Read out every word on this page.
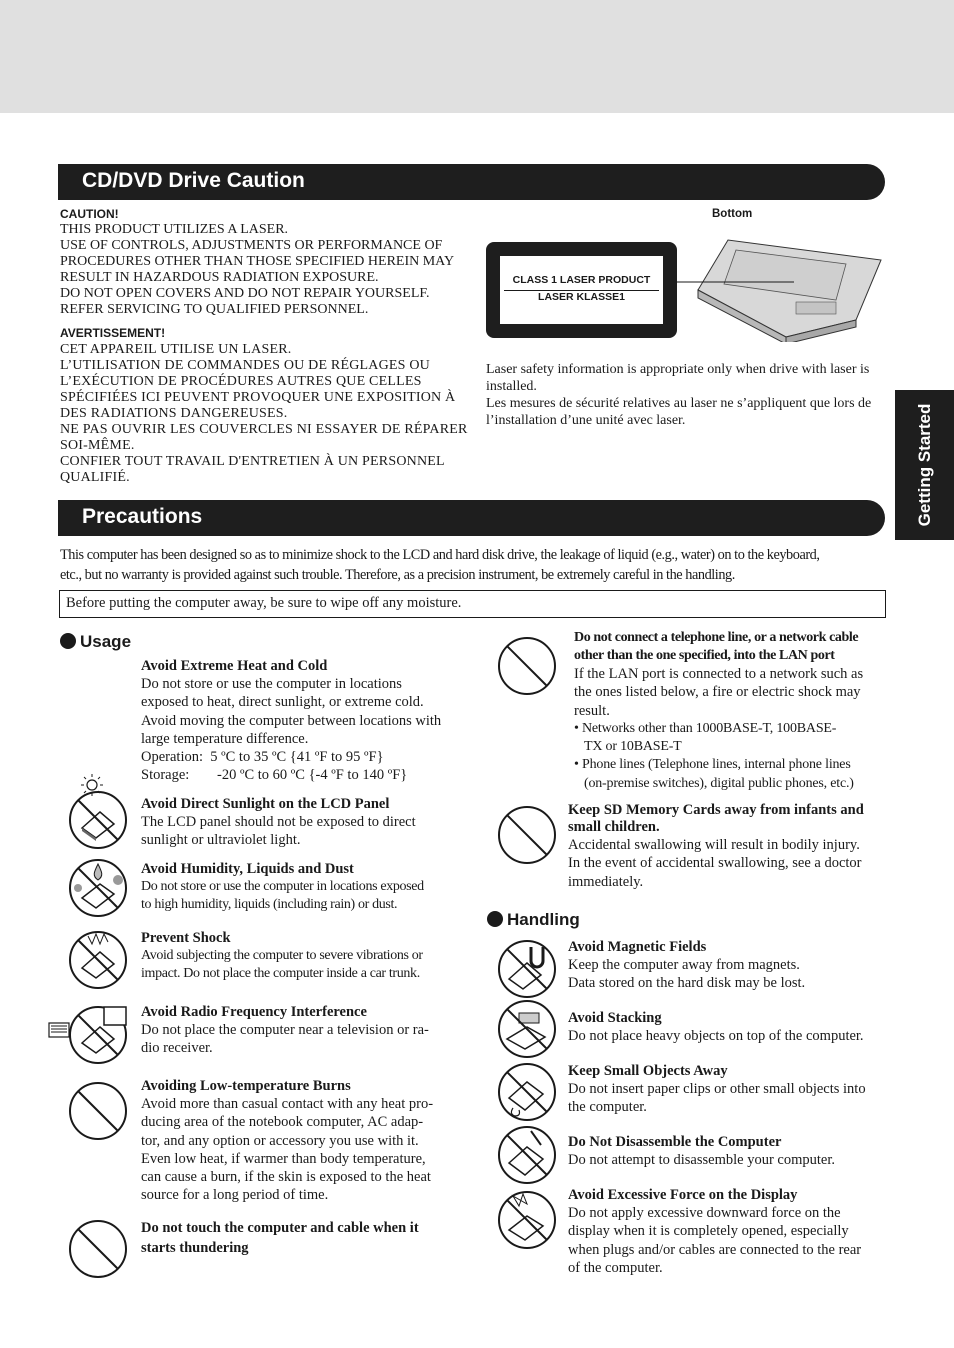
CD/DVD Drive Caution
CAUTION!
THIS PRODUCT UTILIZES A LASER.
USE OF CONTROLS, ADJUSTMENTS OR PERFORMANCE OF
PROCEDURES OTHER THAN THOSE SPECIFIED HEREIN MAY
RESULT IN HAZARDOUS RADIATION EXPOSURE.
DO NOT OPEN COVERS AND DO NOT REPAIR YOURSELF.
REFER SERVICING TO QUALIFIED PERSONNEL.
AVERTISSEMENT!
CET APPAREIL UTILISE UN LASER.
L’UTILISATION DE COMMANDES OU DE RÉGLAGES OU
L’EXÉCUTION DE PROCÉDURES AUTRES QUE CELLES
SPÉCIFIÉES ICI PEUVENT PROVOQUER UNE EXPOSITION À
DES RADIATIONS DANGEREUSES.
NE PAS OUVRIR LES COUVERCLES NI ESSAYER DE RÉPARER
SOI-MÊME.
CONFIER TOUT TRAVAIL D'ENTRETIEN À UN PERSONNEL
QUALIFIÉ.
Bottom
CLASS 1 LASER PRODUCT
LASER KLASSE1
Laser safety information is appropriate only when drive with laser is
installed.
Les mesures de sécurité relatives au laser ne s’appliquent que lors de
l’installation d’une unité avec laser.	Getting Started
Precautions
This computer has been designed so as to minimize shock to the LCD and hard disk drive, the leakage of liquid (e.g., water) on to the keyboard,
etc., but no warranty is provided against such trouble. Therefore, as a precision instrument, be extremely careful in the handling.
Before putting the computer away, be sure to wipe off any moisture.
Usage
Handling
Avoid Extreme Heat and Cold
Do not store or use the computer in locations
exposed to heat, direct sunlight, or extreme cold.
Avoid moving the computer between locations with
large temperature difference.
Operation: 5 ºC to 35 ºC {41 ºF to 95 ºF}
Storage: -20 ºC to 60 ºC {-4 ºF to 140 ºF}
Avoid Direct Sunlight on the LCD Panel
The LCD panel should not be exposed to direct
sunlight or ultraviolet light.
Avoid Humidity, Liquids and Dust
Do not store or use the computer in locations exposed
to high humidity, liquids (including rain) or dust.
Prevent Shock
Avoid subjecting the computer to severe vibrations or
impact. Do not place the computer inside a car trunk.
Avoid Radio Frequency Interference
Do not place the computer near a television or ra-
dio receiver.
Avoiding Low-temperature Burns
Avoid more than casual contact with any heat pro-
ducing area of the notebook computer, AC adap-
tor, and any option or accessory you use with it.
Even low heat, if warmer than body temperature,
can cause a burn, if the skin is exposed to the heat
source for a long period of time.
Do not touch the computer and cable when it
starts thundering
Do not connect a telephone line, or a network cable
other than the one specified, into the LAN port
If the LAN port is connected to a network such as
the ones listed below, a fire or electric shock may
result.
• Networks other than 1000BASE-T, 100BASE-
TX or 10BASE-T
• Phone lines (Telephone lines, internal phone lines
(on-premise switches), digital public phones, etc.)
Keep SD Memory Cards away from infants and
small children.
Accidental swallowing will result in bodily injury.
In the event of accidental swallowing, see a doctor
immediately.
Avoid Magnetic Fields
Keep the computer away from magnets.
Data stored on the hard disk may be lost.
Avoid Stacking
Do not place heavy objects on top of the computer.
Keep Small Objects Away
Do not insert paper clips or other small objects into
the computer.
Do Not Disassemble the Computer
Do not attempt to disassemble your computer.
Avoid Excessive Force on the Display
Do not apply excessive downward force on the
display when it is completely opened, especially
when plugs and/or cables are connected to the rear
of the computer.
